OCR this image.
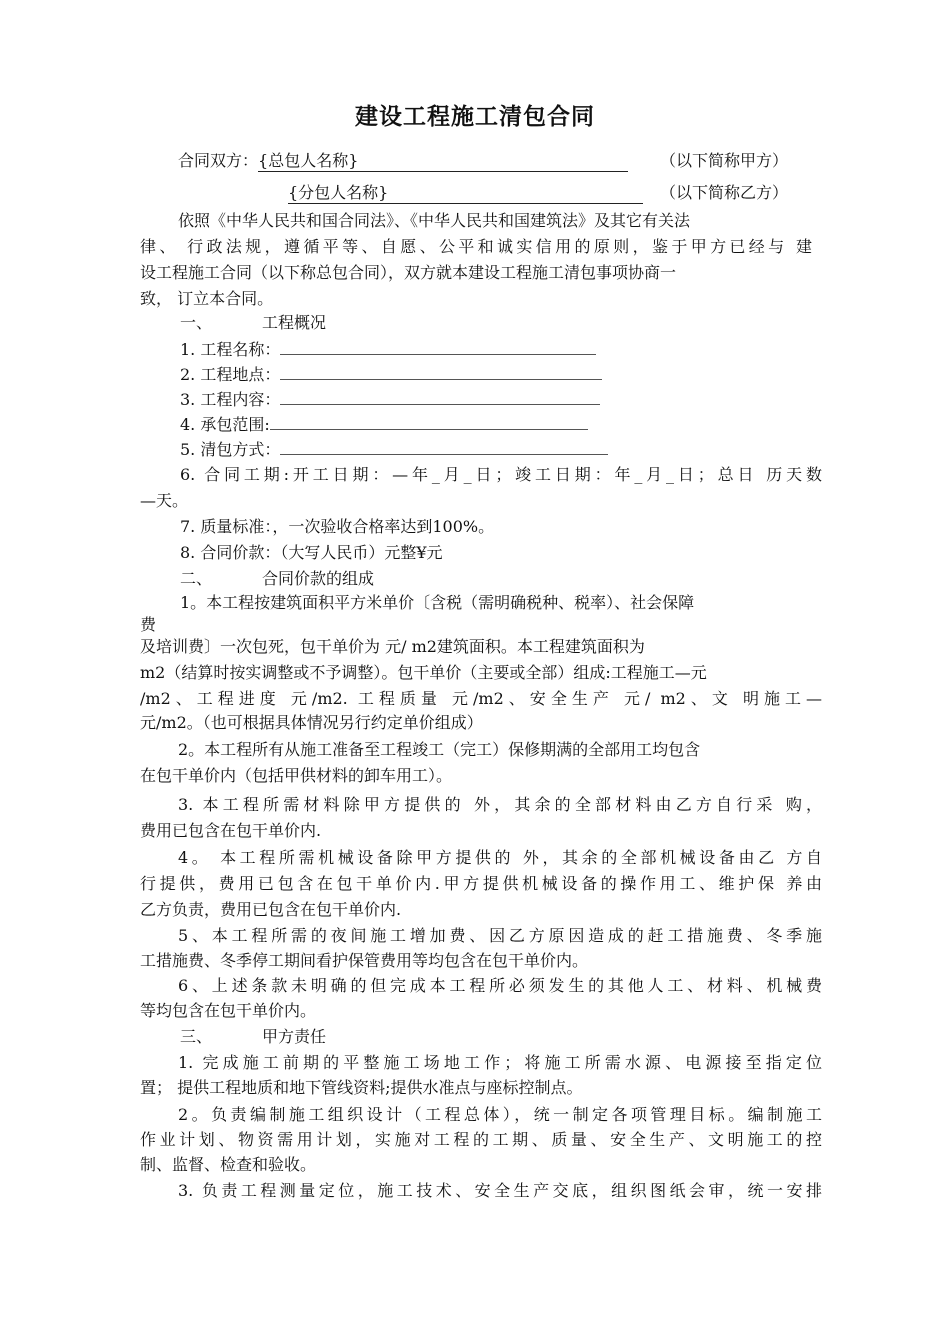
建设工程施工清包合同
合同双方：{总包人名称}	（以下简称甲方）
{分包人名称}	（以下简称乙方）
依照《中华人民共和国合同法》、《中华人民共和国建筑法》及其它有关法
律、 行政法规，遵循平等、自愿、公平和诚实信用的原则，鉴于甲方已经与 建
设工程施工合同（以下称总包合同），双方就本建设工程施工清包事项协商一
致， 订立本合同。
一、	工程概况
1. 工程名称：
2. 工程地点：
3. 工程内容：
4. 承包范围:
5. 清包方式：
6. 合同工期:开工日期：—年_月_日；竣工日期：年_月_日；总日 历天数
—天。
7. 质量标准：，一次验收合格率达到100%。
8. 合同价款：（大写人民币）元整¥元
二、	合同价款的组成
1。本工程按建筑面积平方米单价〔含税（需明确税种、税率）、社会保障
费
及培训费〕一次包死，包干单价为 元/ m2建筑面积。本工程建筑面积为
m2（结算时按实调整或不予调整）。包干单价（主要或全部）组成:工程施工—元
/m2、工程进度 元/m2. 工程质量 元/m2、安全生产 元/ m2、文 明施工—
元/m2。（也可根据具体情况另行约定单价组成）
2。本工程所有从施工准备至工程竣工（完工）保修期满的全部用工均包含
在包干单价内（包括甲供材料的卸车用工）。
3. 本工程所需材料除甲方提供的 外，其余的全部材料由乙方自行采 购，
费用已包含在包干单价内.
4。 本工程所需机械设备除甲方提供的 外，其余的全部机械设备由乙 方自
行提供，费用已包含在包干单价内.甲方提供机械设备的操作用工、维护保 养由
乙方负责，费用已包含在包干单价内.
5、本工程所需的夜间施工增加费、因乙方原因造成的赶工措施费、冬季施
工措施费、冬季停工期间看护保管费用等均包含在包干单价内。
6、上述条款未明确的但完成本工程所必须发生的其他人工、材料、机械费
等均包含在包干单价内。
三、	甲方责任
1. 完成施工前期的平整施工场地工作；将施工所需水源、电源接至指定位
置； 提供工程地质和地下管线资料;提供水准点与座标控制点。
2。负责编制施工组织设计（工程总体），统一制定各项管理目标。编制施工
作业计划、物资需用计划，实施对工程的工期、质量、安全生产、文明施工的控
制、监督、检查和验收。
3. 负责工程测量定位，施工技术、安全生产交底，组织图纸会审，统一安排
